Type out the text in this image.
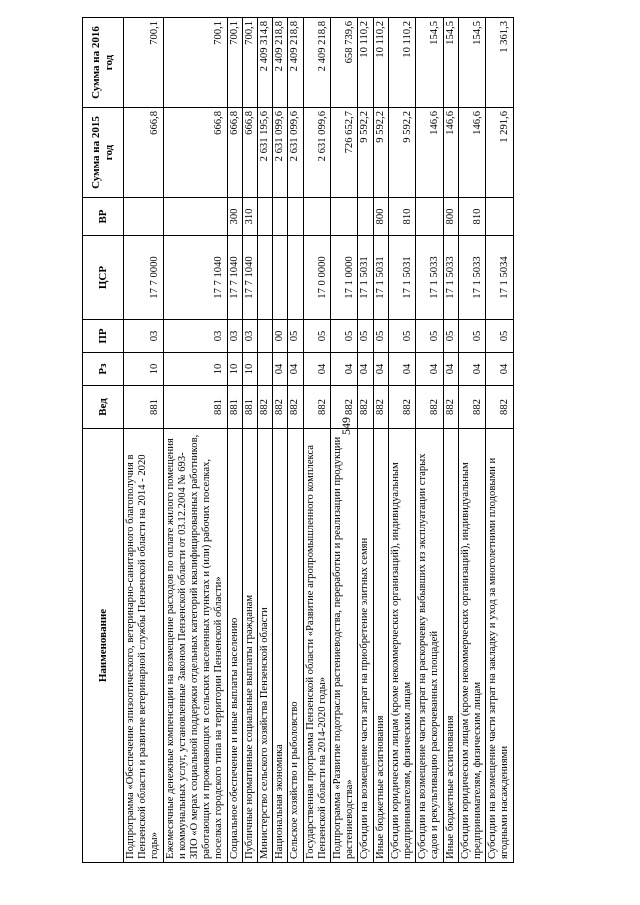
549
Наименование	Вед	Рз	ПР	ЦСР	ВР	Сумма на 2015 год	Сумма на 2016 год
Подпрограмма «Обеспечение эпизоотического, ветеринарно-санитарного благополучия в Пензенской области и развитие ветеринарной службы Пензенской области на 2014 - 2020 годы»	881	10	03	17 7 0000		666,8	700,1
Ежемесячные денежные компенсации на возмещение расходов по оплате жилого помещения и коммунальных услуг, установленные Законом Пензенской области от 03.12.2004 № 693-ЗПО «О мерах социальной поддержки отдельных категорий квалифицированных работников, работающих и проживающих в сельских населенных пунктах и (или) рабочих поселках, поселках городского типа на территории Пензенской области»	881	10	03	17 7 1040		666,8	700,1
Социальное обеспечение и иные выплаты населению	881	10	03	17 7 1040	300	666,8	700,1
Публичные нормативные социальные выплаты гражданам	881	10	03	17 7 1040	310	666,8	700,1
Министерство сельского хозяйства Пензенской области	882					2 631 195,6	2 409 314,8
Национальная экономика	882	04	00			2 631 099,6	2 409 218,8
Сельское хозяйство и рыболовство	882	04	05			2 631 099,6	2 409 218,8
Государственная программа Пензенской области «Развитие агропромышленного комплекса Пензенской области на 2014-2020 годы»	882	04	05	17 0 0000		2 631 099,6	2 409 218,8
Подпрограмма «Развитие подотрасли растениеводства, переработки и реализации продукции растениеводства»	882	04	05	17 1 0000		726 652,7	658 739,6
Субсидии на возмещение части затрат на приобретение элитных семян	882	04	05	17 1 5031		9 592,2	10 110,2
Иные бюджетные ассигнования	882	04	05	17 1 5031	800	9 592,2	10 110,2
Субсидии юридическим лицам (кроме некоммерческих организаций), индивидуальным предпринимателям, физическим лицам	882	04	05	17 1 5031	810	9 592,2	10 110,2
Субсидии на возмещение части затрат на раскорчевку выбывших из эксплуатации старых садов и рекультивацию раскорчеванных площадей	882	04	05	17 1 5033		146,6	154,5
Иные бюджетные ассигнования	882	04	05	17 1 5033	800	146,6	154,5
Субсидии юридическим лицам (кроме некоммерческих организаций), индивидуальным предпринимателям, физическим лицам	882	04	05	17 1 5033	810	146,6	154,5
Субсидии на возмещение части затрат на закладку и уход за многолетними плодовыми и ягодными насаждениями	882	04	05	17 1 5034		1 291,6	1 361,3
